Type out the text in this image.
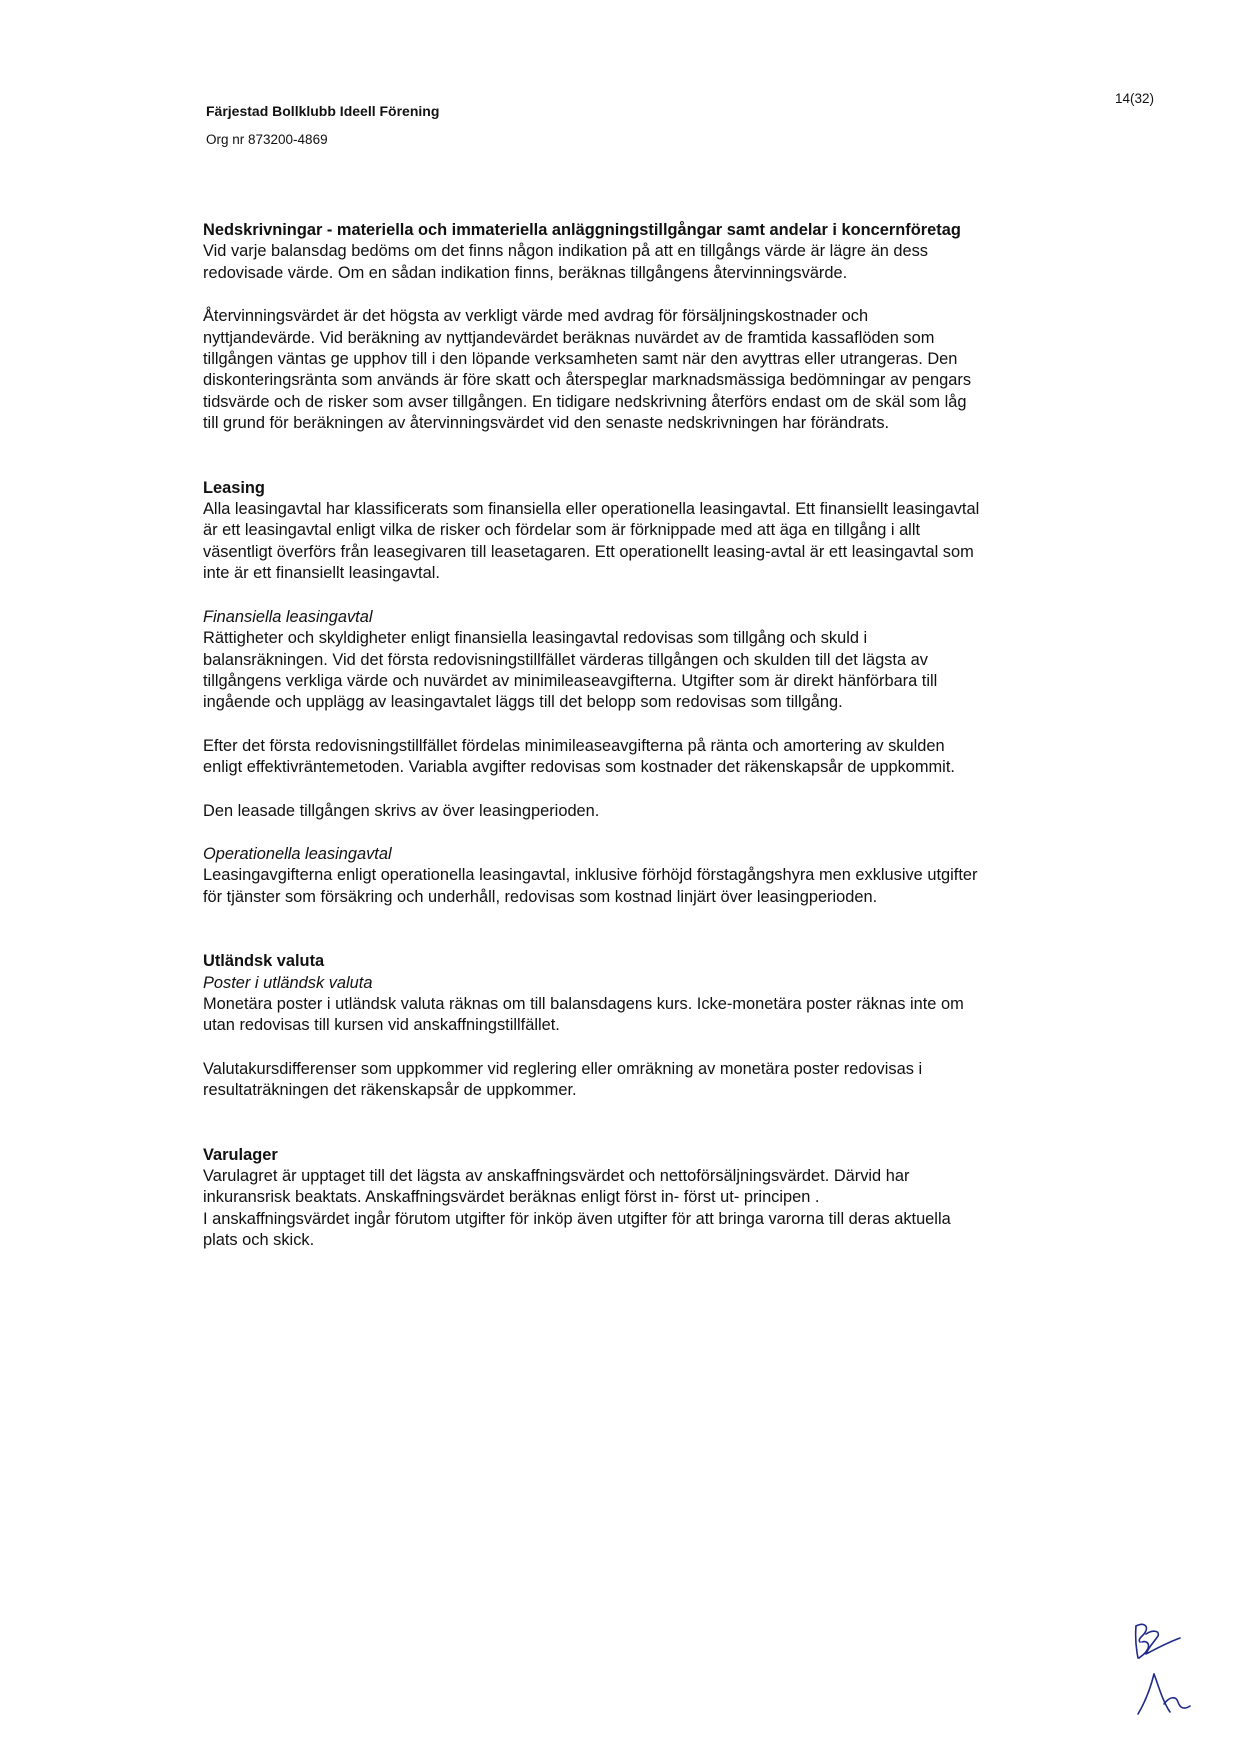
Färjestad Bollklubb Ideell Förening

Org nr 873200-4869
14(32)

Nedskrivningar - materiella och immateriella anläggningstillgångar samt andelar i koncernföretag

Vid varje balansdag bedöms om det finns någon indikation på att en tillgångs värde är lägre än dess redovisade värde. Om en sådan indikation finns, beräknas tillgångens återvinningsvärde.

Återvinningsvärdet är det högsta av verkligt värde med avdrag för försäljningskostnader och nyttjandevärde. Vid beräkning av nyttjandevärdet beräknas nuvärdet av de framtida kassaflöden som tillgången väntas ge upphov till i den löpande verksamheten samt när den avyttras eller utrangeras. Den diskonteringsränta som används är före skatt och återspeglar marknadsmässiga bedömningar av pengars tidsvärde och de risker som avser tillgången. En tidigare nedskrivning återförs endast om de skäl som låg till grund för beräkningen av återvinningsvärdet vid den senaste nedskrivningen har förändrats.

Leasing

Alla leasingavtal har klassificerats som finansiella eller operationella leasingavtal. Ett finansiellt leasingavtal är ett leasingavtal enligt vilka de risker och fördelar som är förknippade med att äga en tillgång i allt väsentligt överförs från leasegivaren till leasetagaren. Ett operationellt leasing-avtal är ett leasingavtal som inte är ett finansiellt leasingavtal.

Finansiella leasingavtal

Rättigheter och skyldigheter enligt finansiella leasingavtal redovisas som tillgång och skuld i balansräkningen. Vid det första redovisningstillfället värderas tillgången och skulden till det lägsta av tillgångens verkliga värde och nuvärdet av minimileaseavgifterna. Utgifter som är direkt hänförbara till ingående och upplägg av leasingavtalet läggs till det belopp som redovisas som tillgång.

Efter det första redovisningstillfället fördelas minimileaseavgifterna på ränta och amortering av skulden enligt effektivräntemetoden. Variabla avgifter redovisas som kostnader det räkenskapsår de uppkommit.

Den leasade tillgången skrivs av över leasingperioden.

Operationella leasingavtal

Leasingavgifterna enligt operationella leasingavtal, inklusive förhöjd förstagångshyra men exklusive utgifter för tjänster som försäkring och underhåll, redovisas som kostnad linjärt över leasingperioden.

Utländsk valuta

Poster i utländsk valuta

Monetära poster i utländsk valuta räknas om till balansdagens kurs. Icke-monetära poster räknas inte om utan redovisas till kursen vid anskaffningstillfället.

Valutakursdifferenser som uppkommer vid reglering eller omräkning av monetära poster redovisas i resultaträkningen det räkenskapsår de uppkommer.

Varulager

Varulagret är upptaget till det lägsta av anskaffningsvärdet och nettoförsäljningsvärdet. Därvid har inkuransrisk beaktats. Anskaffningsvärdet beräknas enligt först in- först ut- principen .

I anskaffningsvärdet ingår förutom utgifter för inköp även utgifter för att bringa varorna till deras aktuella plats och skick.
